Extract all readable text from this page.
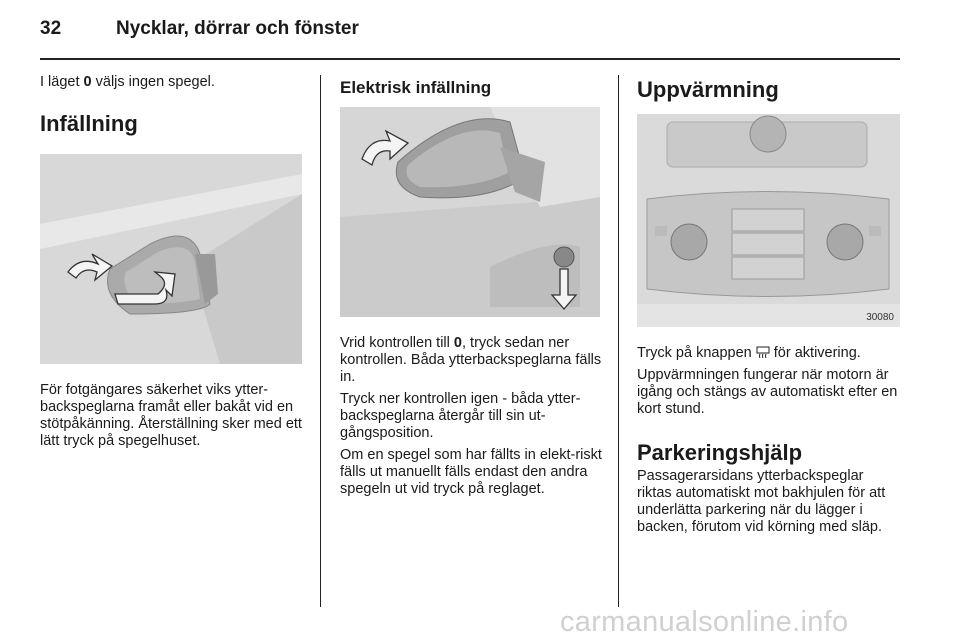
32	Nycklar, dörrar och fönster

I läget 0 väljs ingen spegel.

Infällning

För fotgängares säkerhet viks ytter-backspeglarna framåt eller bakåt vid en stötpåkänning. Återställning sker med ett lätt tryck på spegelhuset.

Elektrisk infällning

Vrid kontrollen till 0, tryck sedan ner kontrollen. Båda ytterbackspeglarna fälls in.

Tryck ner kontrollen igen - båda ytter-backspeglarna återgår till sin ut-gångsposition.

Om en spegel som har fällts in elekt-riskt fälls ut manuellt fälls endast den andra spegeln ut vid tryck på reglaget.

Uppvärmning
30080

Tryck på knappen  för aktivering.

Uppvärmningen fungerar när motorn är igång och stängs av automatiskt efter en kort stund.

Parkeringshjälp

Passagerarsidans ytterbackspeglar riktas automatiskt mot bakhjulen för att underlätta parkering när du lägger i backen, förutom vid körning med släp.

carmanualsonline.info
